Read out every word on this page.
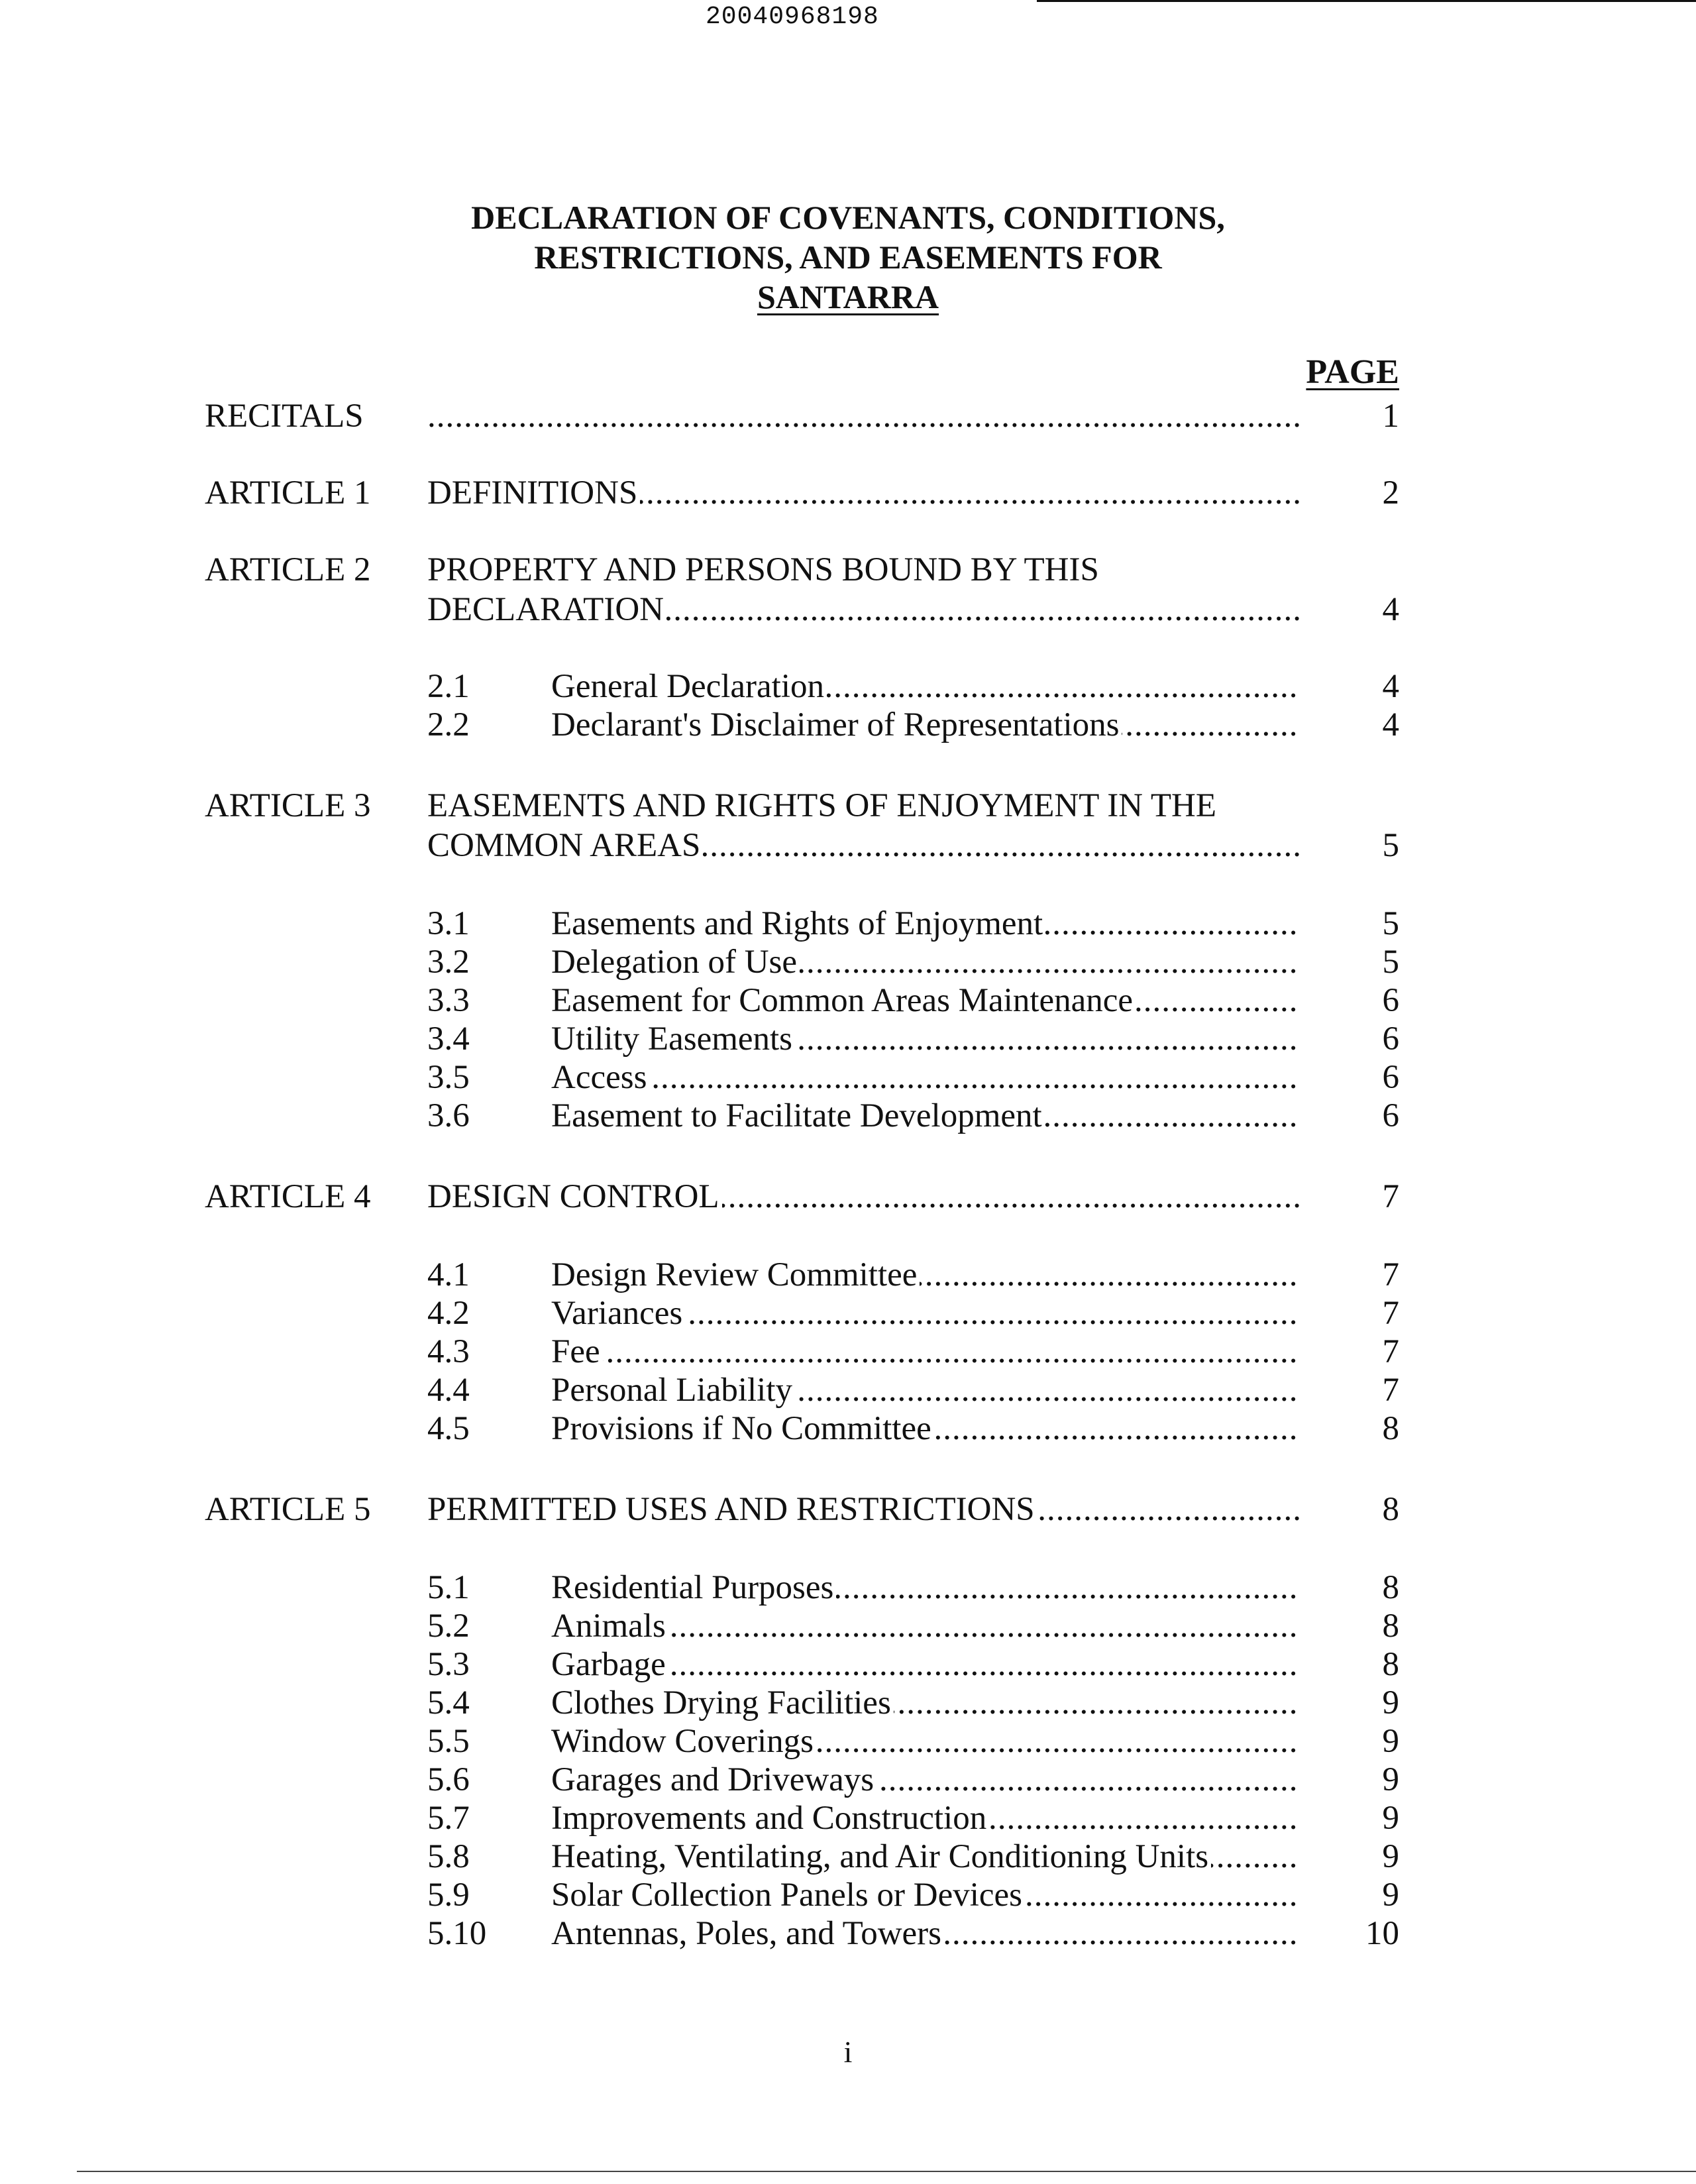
20040968198
DECLARATION OF COVENANTS, CONDITIONS,
RESTRICTIONS, AND EASEMENTS FOR
SANTARRA
PAGE
RECITALS .....	1
ARTICLE 1 DEFINITIONS .....	2
ARTICLE 2 PROPERTY AND PERSONS BOUND BY THIS
DECLARATION .....	4
2.1 General Declaration .....	4
2.2 Declarant's Disclaimer of Representations .....	4
ARTICLE 3 EASEMENTS AND RIGHTS OF ENJOYMENT IN THE
COMMON AREAS .....	5
3.1 Easements and Rights of Enjoyment .....	5
3.2 Delegation of Use .....	5
3.3 Easement for Common Areas Maintenance .....	6
3.4 Utility Easements .....	6
3.5 Access .....	6
3.6 Easement to Facilitate Development .....	6
ARTICLE 4 DESIGN CONTROL .....	7
4.1 Design Review Committee .....	7
4.2 Variances .....	7
4.3 Fee .....	7
4.4 Personal Liability .....	7
4.5 Provisions if No Committee .....	8
ARTICLE 5 PERMITTED USES AND RESTRICTIONS .....	8
5.1 Residential Purposes .....	8
5.2 Animals .....	8
5.3 Garbage .....	8
5.4 Clothes Drying Facilities .....	9
5.5 Window Coverings .....	9
5.6 Garages and Driveways .....	9
5.7 Improvements and Construction .....	9
5.8 Heating, Ventilating, and Air Conditioning Units .....	9
5.9 Solar Collection Panels or Devices .....	9
5.10 Antennas, Poles, and Towers .....	10
i
